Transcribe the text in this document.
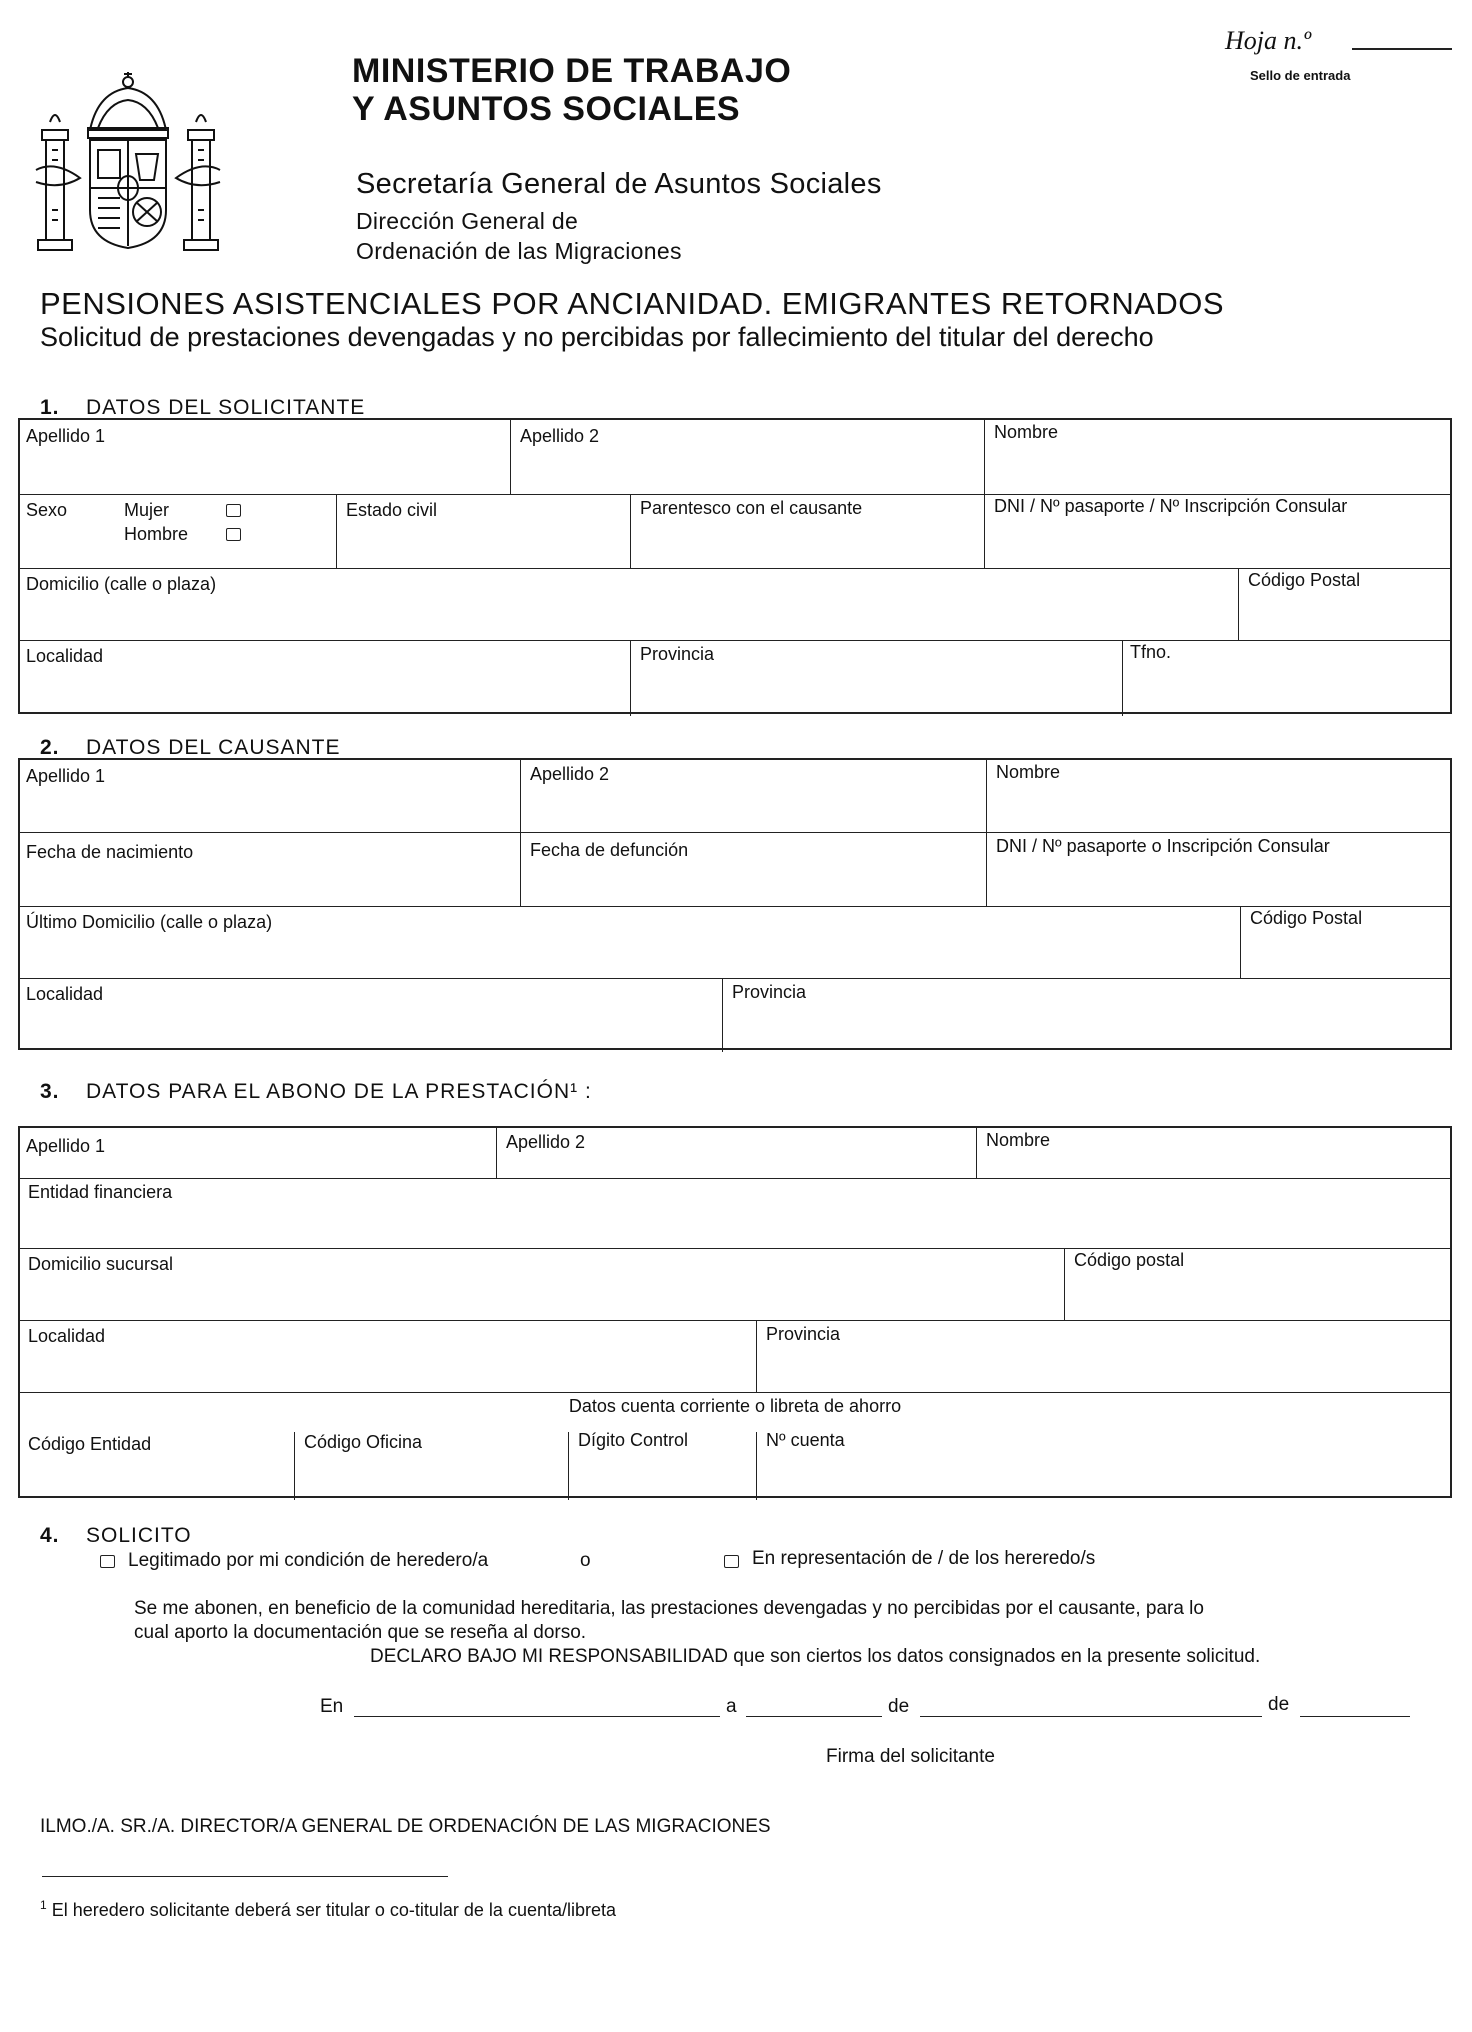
Hoja n.º
Sello de entrada
MINISTERIO DE TRABAJO
Y ASUNTOS SOCIALES
Secretaría General de Asuntos Sociales
Dirección General de
Ordenación de las Migraciones
PENSIONES ASISTENCIALES POR ANCIANIDAD. EMIGRANTES RETORNADOS
Solicitud de prestaciones devengadas y no percibidas por fallecimiento del titular del derecho
1. DATOS DEL SOLICITANTE
Apellido 1	Apellido 2	Nombre
Sexo	Mujer
Hombre
Estado civil	Parentesco con el causante	DNI / Nº pasaporte / Nº Inscripción Consular
Domicilio (calle o plaza)	Código Postal
Localidad	Provincia	Tfno.
2. DATOS DEL CAUSANTE
Apellido 1	Apellido 2	Nombre
Fecha de nacimiento	Fecha de defunción	DNI / Nº pasaporte o Inscripción Consular
Último Domicilio (calle o plaza)	Código Postal
Localidad	Provincia
3. DATOS PARA EL ABONO DE LA PRESTACIÓN¹ :
Apellido 1	Apellido 2	Nombre
Entidad financiera
Domicilio sucursal	Código postal
Localidad	Provincia
Datos cuenta corriente o libreta de ahorro
Código Entidad	Código Oficina	Dígito Control	Nº cuenta
4. SOLICITO
Legitimado por mi condición de heredero/a	o	En representación de / de los hereredo/s
Se me abonen, en beneficio de la comunidad hereditaria, las prestaciones devengadas y no percibidas por el causante, para lo
cual aporto la documentación que se reseña al dorso.
DECLARO BAJO MI RESPONSABILIDAD que son ciertos los datos consignados en la presente solicitud.
En	a	de	de
Firma del solicitante
ILMO./A. SR./A. DIRECTOR/A GENERAL DE ORDENACIÓN DE LAS MIGRACIONES
$^1$ El heredero solicitante deberá ser titular o co-titular de la cuenta/libreta
